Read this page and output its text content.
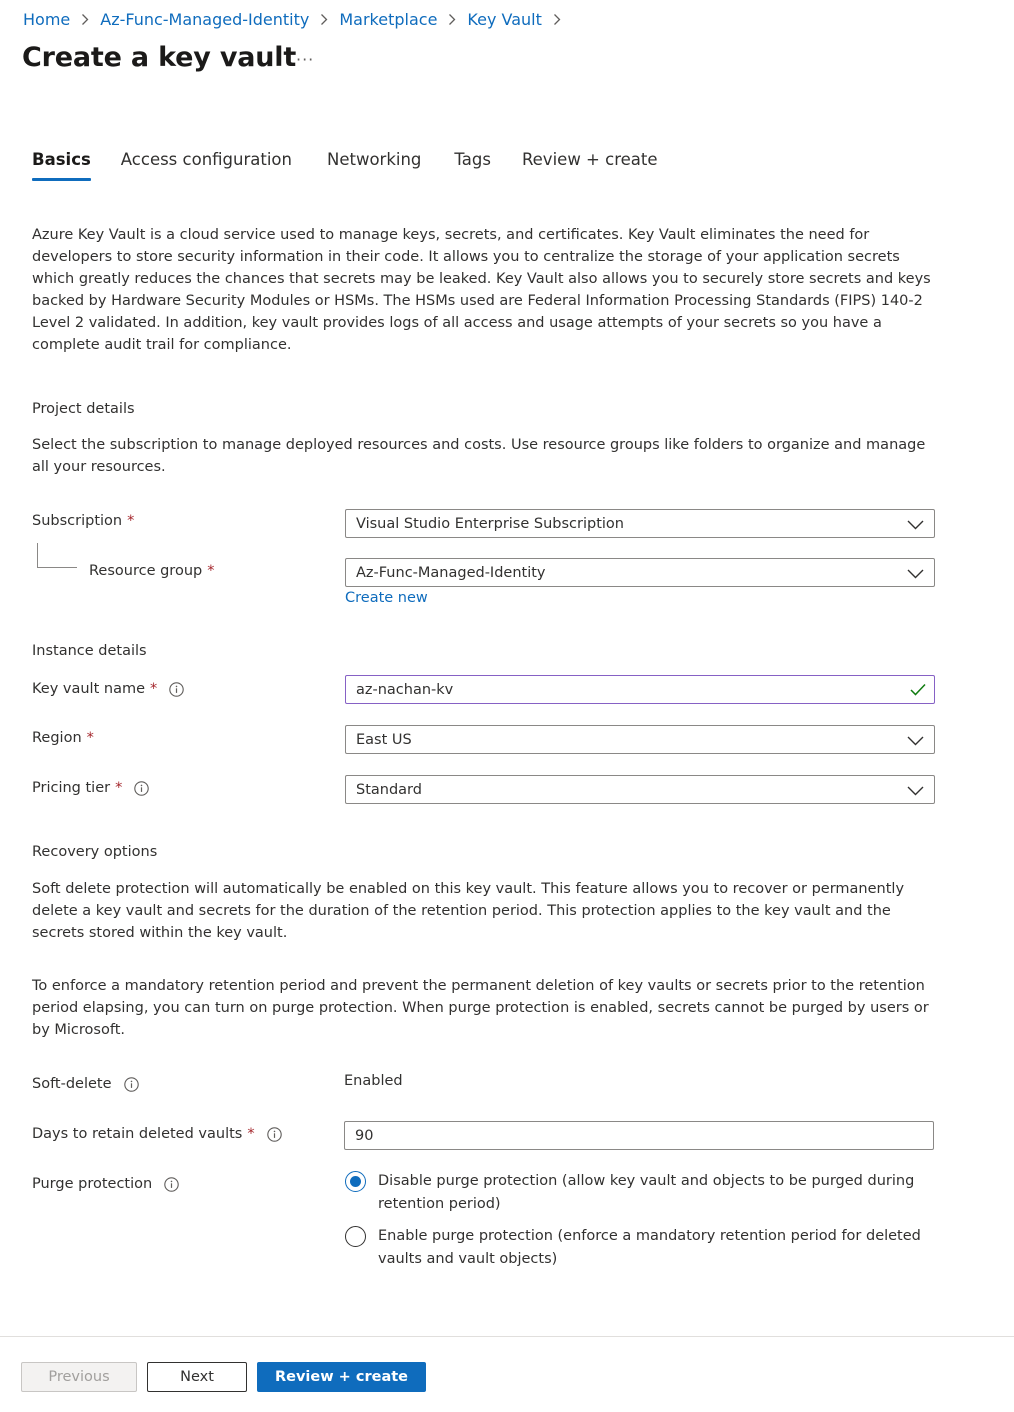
Home Az-Func-Managed-Identity Marketplace Key Vault
Create a key vault ···
Basics Access configuration Networking Tags Review + create

Azure Key Vault is a cloud service used to manage keys, secrets, and certificates. Key Vault eliminates the need for developers to store security information in their code. It allows you to centralize the storage of your application secrets which greatly reduces the chances that secrets may be leaked. Key Vault also allows you to securely store secrets and keys backed by Hardware Security Modules or HSMs. The HSMs used are Federal Information Processing Standards (FIPS) 140-2 Level 2 validated. In addition, key vault provides logs of all access and usage attempts of your secrets so you have a complete audit trail for compliance.

Project details

Select the subscription to manage deployed resources and costs. Use resource groups like folders to organize and manage all your resources.

Subscription *	Visual Studio Enterprise Subscription
Resource group *	Az-Func-Managed-Identity
Create new
Instance details
Key vault name *	az-nachan-kv
Region *	East US
Pricing tier *	Standard
Recovery options

Soft delete protection will automatically be enabled on this key vault. This feature allows you to recover or permanently delete a key vault and secrets for the duration of the retention period. This protection applies to the key vault and the secrets stored within the key vault.

To enforce a mandatory retention period and prevent the permanent deletion of key vaults or secrets prior to the retention period elapsing, you can turn on purge protection. When purge protection is enabled, secrets cannot be purged by users or by Microsoft.

Soft-delete	Enabled
Days to retain deleted vaults *	90
Purge protection	Disable purge protection (allow key vault and objects to be purged during retention period)
Enable purge protection (enforce a mandatory retention period for deleted vaults and vault objects)
Previous	Next	Review + create
